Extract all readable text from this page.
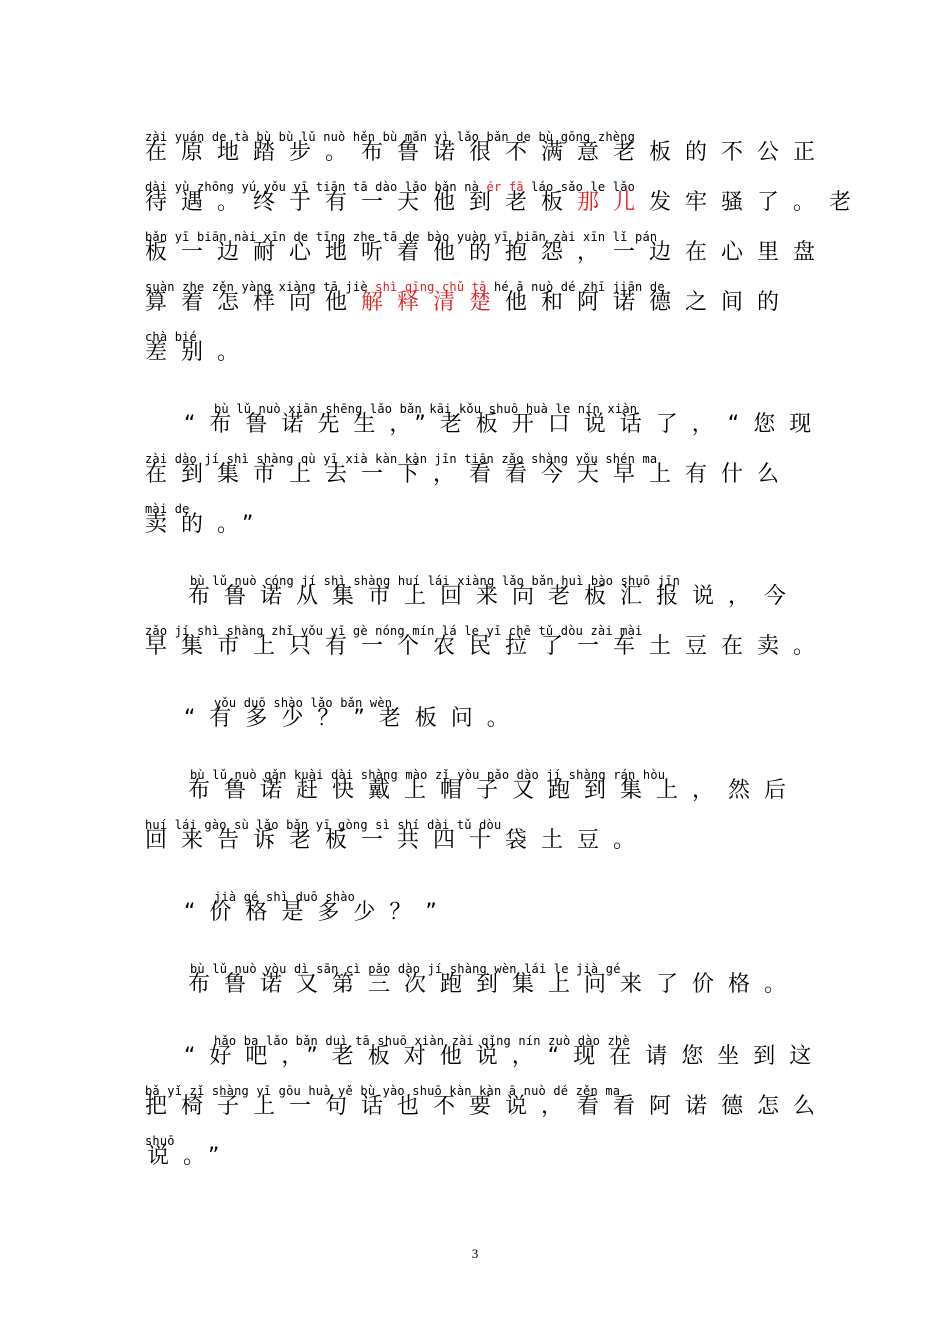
zài yuán de tà bù bù lǔ nuò hěn bù mǎn yì lǎo bǎn de bù gōng zhèng
在原地踏步。布鲁诺很不满意老板的不公正
dài yù zhōng yú yǒu yī tiān tā dào lǎo bǎn nà ér fā láo sǎo le lǎo
待遇。终于有一天他到老板那儿发牢骚了。老
bǎn yī biān nài xīn de tīng zhe tā de bào yuàn yī biān zài xīn lǐ pán
板一边耐心地听着他的抱怨，一边在心里盘
suàn zhe zěn yàng xiàng tā jiè shì qīng chǔ tā hé ā nuò dé zhī jiān de
算着怎样向他解释清楚他和阿诺德之间的
chà bié
差别。
bù lǔ nuò xiān shēng lǎo bǎn kāi kǒu shuō huà le nín xiàn
“布鲁诺先生，”老板开口说话了，“您现
zài dào jí shì shàng qù yī xià kàn kàn jīn tiān zǎo shàng yǒu shén ma
在到集市上去一下，看看今天早上有什么
mài de
卖的。”
bù lǔ nuò cóng jí shì shàng huí lái xiàng lǎo bǎn huì bào shuō jīn
布鲁诺从集市上回来向老板汇报说，今
zǎo jí shì shàng zhǐ yǒu yī gè nóng mín lá le yī chē tǔ dòu zài mài
早集市上只有一个农民拉了一车土豆在卖。
yǒu duō shào lǎo bǎn wèn
“有多少？”老板问。
bù lǔ nuò gǎn kuài dài shàng mào zǐ yòu pǎo dào jí shàng rán hòu
布鲁诺赶快戴上帽子又跑到集上，然后
huí lái gào sù lǎo bǎn yī gòng sì shí dài tǔ dòu
回来告诉老板一共四十袋土豆。
jià gé shì duō shào
“价格是多少？”
bù lǔ nuò yòu dì sān cì pǎo dào jí shàng wèn lái le jià gé
布鲁诺又第三次跑到集上问来了价格。
hǎo ba lǎo bǎn duì tā shuō xiàn zài qǐng nín zuò dào zhè
“好吧，”老板对他说，“现在请您坐到这
bǎ yǐ zǐ shàng yī gōu huà yě bù yào shuō kàn kàn ā nuò dé zěn ma
把椅子上一句话也不要说，看看阿诺德怎么
shuō
说。”
3
